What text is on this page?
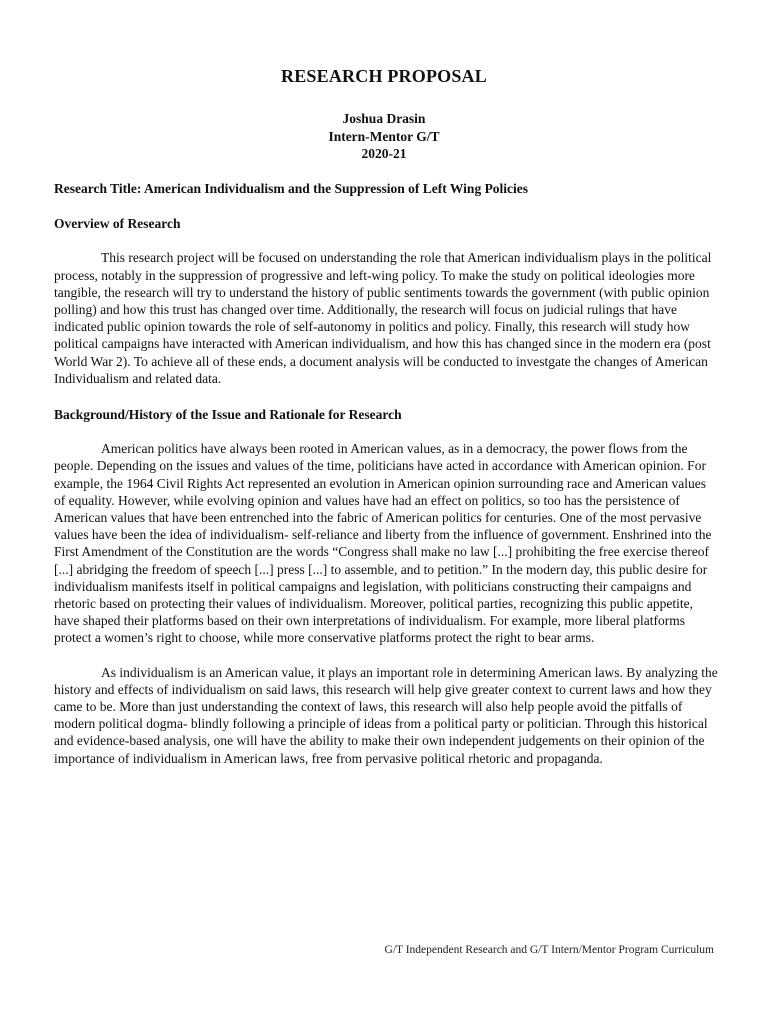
RESEARCH PROPOSAL
Joshua Drasin
Intern-Mentor G/T
2020-21

Research Title: American Individualism and the Suppression of Left Wing Policies

Overview of Research

This research project will be focused on understanding the role that American individualism plays in the political process, notably in the suppression of progressive and left-wing policy. To make the study on political ideologies more tangible, the research will try to understand the history of public sentiments towards the government (with public opinion polling) and how this trust has changed over time. Additionally, the research will focus on judicial rulings that have indicated public opinion towards the role of self-autonomy in politics and policy. Finally, this research will study how political campaigns have interacted with American individualism, and how this has changed since in the modern era (post World War 2). To achieve all of these ends, a document analysis will be conducted to investgate the changes of American Individualism and related data.

Background/History of the Issue and Rationale for Research

American politics have always been rooted in American values, as in a democracy, the power flows from the people. Depending on the issues and values of the time, politicians have acted in accordance with American opinion. For example, the 1964 Civil Rights Act represented an evolution in American opinion surrounding race and American values of equality. However, while evolving opinion and values have had an effect on politics, so too has the persistence of American values that have been entrenched into the fabric of American politics for centuries. One of the most pervasive values have been the idea of individualism- self-reliance and liberty from the influence of government. Enshrined into the First Amendment of the Constitution are the words “Congress shall make no law [...] prohibiting the free exercise thereof [...] abridging the freedom of speech [...] press [...] to assemble, and to petition.” In the modern day, this public desire for individualism manifests itself in political campaigns and legislation, with politicians constructing their campaigns and rhetoric based on protecting their values of individualism. Moreover, political parties, recognizing this public appetite, have shaped their platforms based on their own interpretations of individualism. For example, more liberal platforms protect a women’s right to choose, while more conservative platforms protect the right to bear arms.

As individualism is an American value, it plays an important role in determining American laws. By analyzing the history and effects of individualism on said laws, this research will help give greater context to current laws and how they came to be. More than just understanding the context of laws, this research will also help people avoid the pitfalls of modern political dogma- blindly following a principle of ideas from a political party or politician. Through this historical and evidence-based analysis, one will have the ability to make their own independent judgements on their opinion of the importance of individualism in American laws, free from pervasive political rhetoric and propaganda.

G/T Independent Research and G/T Intern/Mentor Program Curriculum
